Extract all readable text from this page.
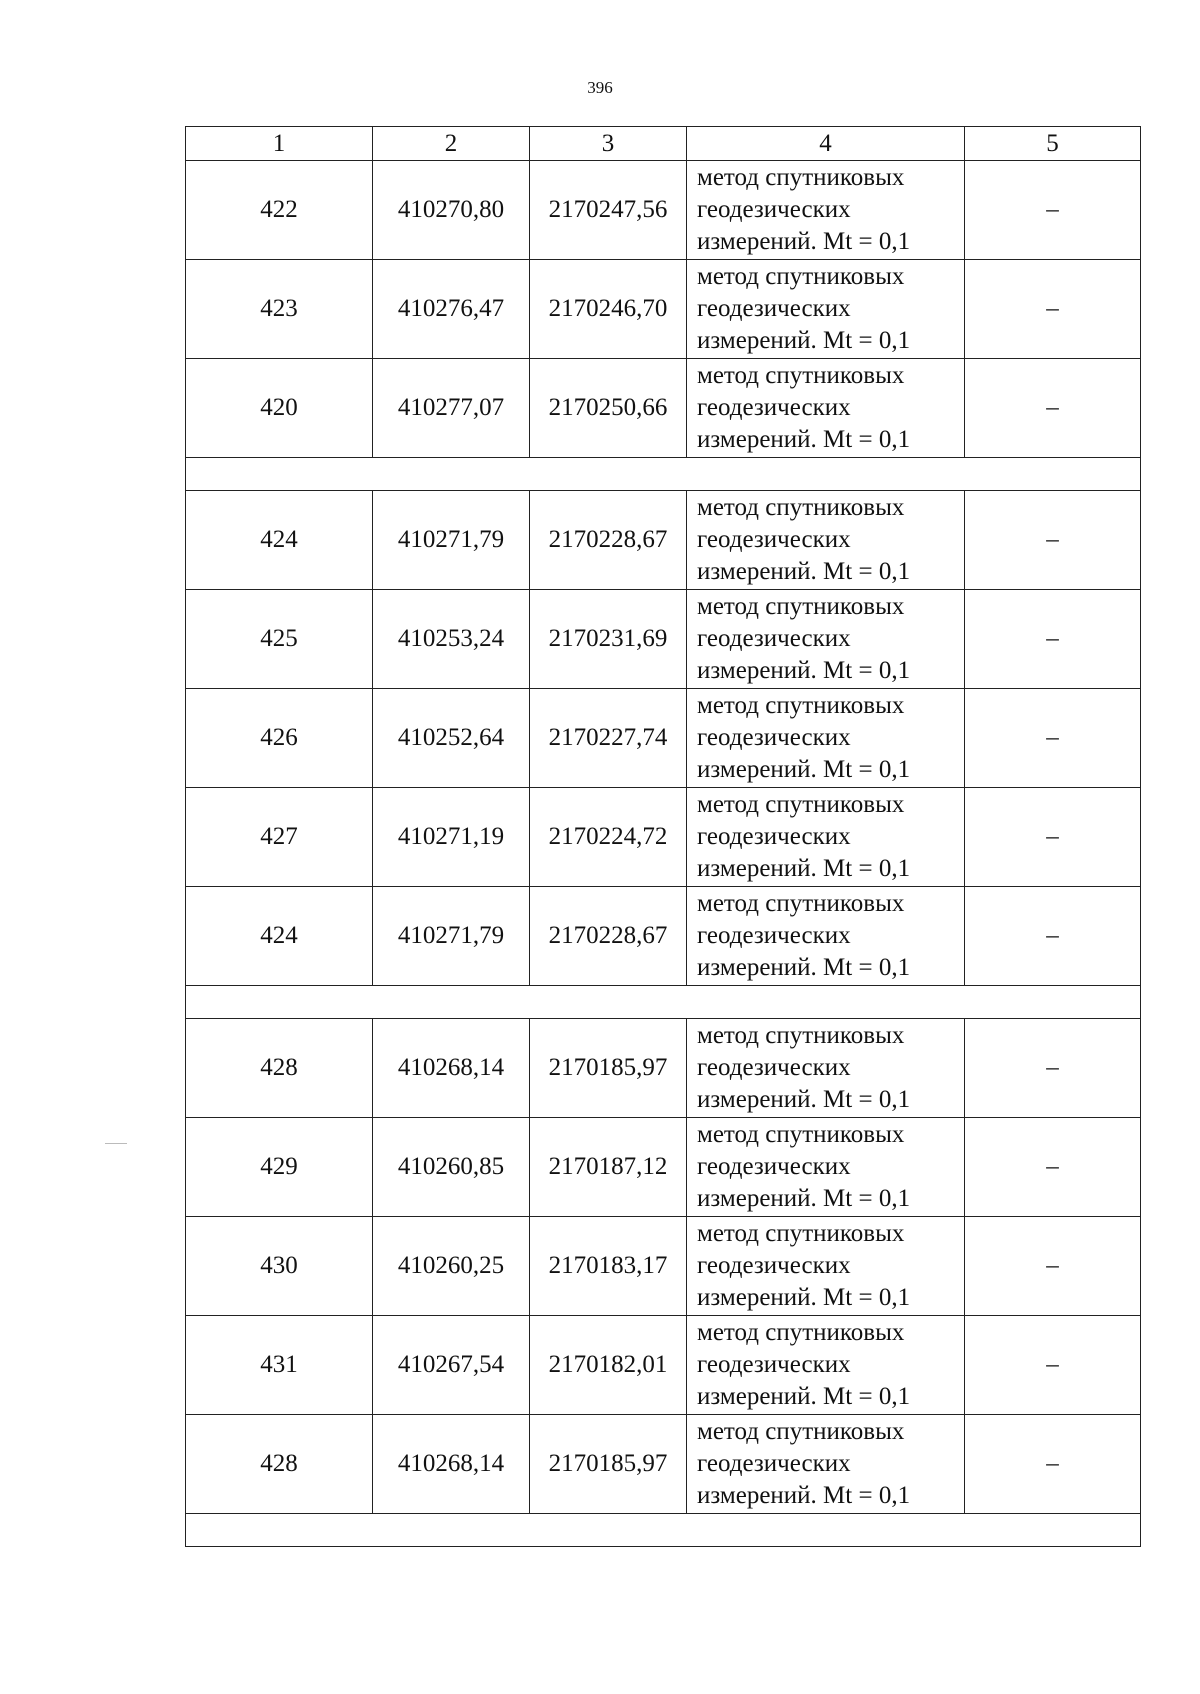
396
1	2	3	4	5
422	410270,80	2170247,56	метод спутниковых
геодезических
измерений. Mt = 0,1	–
423	410276,47	2170246,70	метод спутниковых
геодезических
измерений. Mt = 0,1	–
420	410277,07	2170250,66	метод спутниковых
геодезических
измерений. Mt = 0,1	–

424	410271,79	2170228,67	метод спутниковых
геодезических
измерений. Mt = 0,1	–
425	410253,24	2170231,69	метод спутниковых
геодезических
измерений. Mt = 0,1	–
426	410252,64	2170227,74	метод спутниковых
геодезических
измерений. Mt = 0,1	–
427	410271,19	2170224,72	метод спутниковых
геодезических
измерений. Mt = 0,1	–
424	410271,79	2170228,67	метод спутниковых
геодезических
измерений. Mt = 0,1	–

428	410268,14	2170185,97	метод спутниковых
геодезических
измерений. Mt = 0,1	–
429	410260,85	2170187,12	метод спутниковых
геодезических
измерений. Mt = 0,1	–
430	410260,25	2170183,17	метод спутниковых
геодезических
измерений. Mt = 0,1	–
431	410267,54	2170182,01	метод спутниковых
геодезических
измерений. Mt = 0,1	–
428	410268,14	2170185,97	метод спутниковых
геодезических
измерений. Mt = 0,1	–
